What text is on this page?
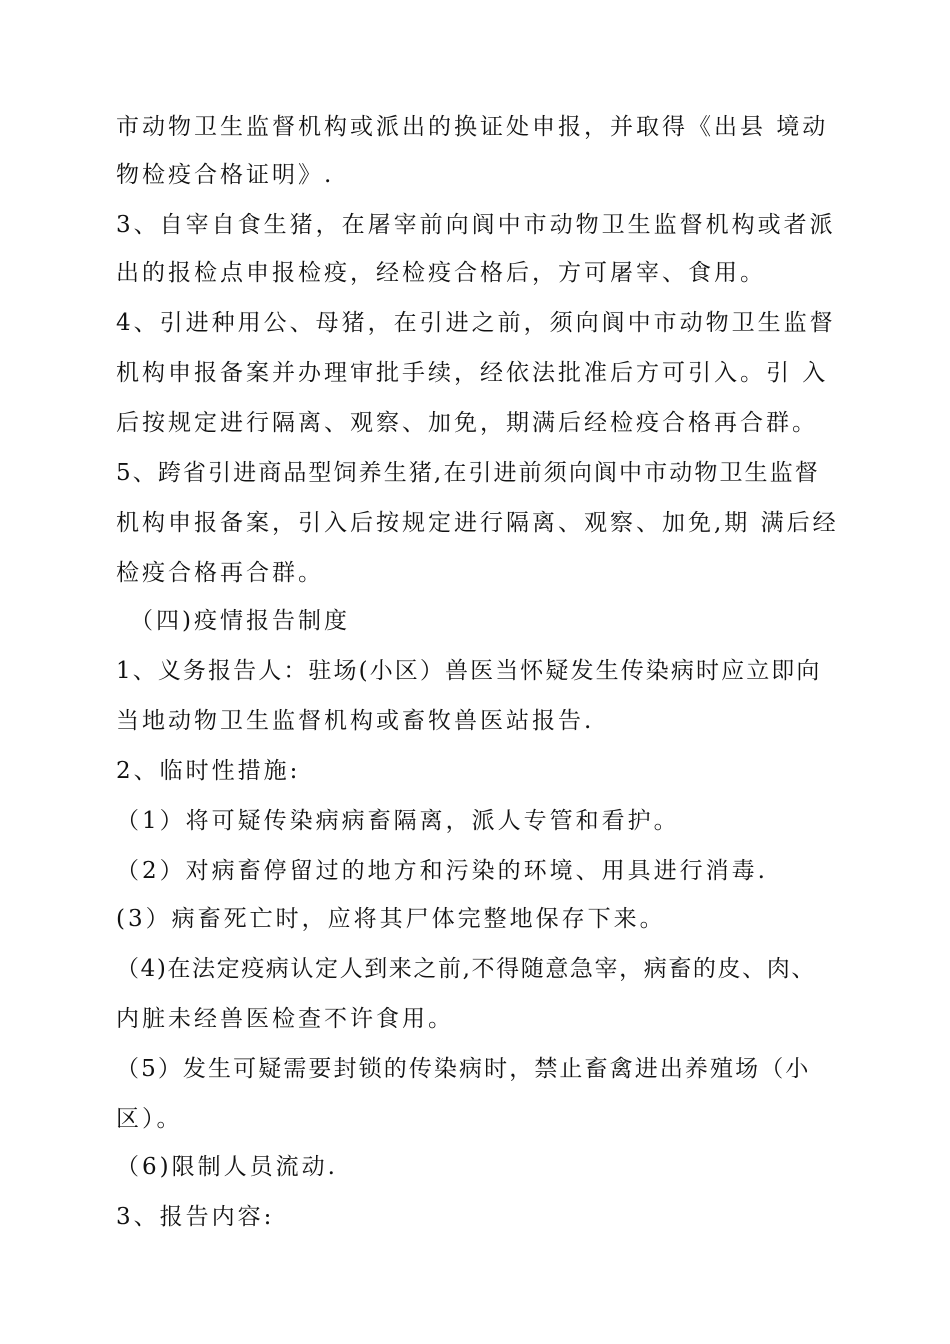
市动物卫生监督机构或派出的换证处申报，并取得《出县 境动
物检疫合格证明》.
3、自宰自食生猪，在屠宰前向阆中市动物卫生监督机构或者派
出的报检点申报检疫，经检疫合格后，方可屠宰、食用。
4、引进种用公、母猪，在引进之前，须向阆中市动物卫生监督
机构申报备案并办理审批手续，经依法批准后方可引入。引 入
后按规定进行隔离、观察、加免，期满后经检疫合格再合群。
5、跨省引进商品型饲养生猪,在引进前须向阆中市动物卫生监督
机构申报备案，引入后按规定进行隔离、观察、加免,期 满后经
检疫合格再合群。
（四)疫情报告制度
1、义务报告人：驻场(小区）兽医当怀疑发生传染病时应立即向
当地动物卫生监督机构或畜牧兽医站报告.
2、临时性措施:
（1）将可疑传染病病畜隔离，派人专管和看护。
（2）对病畜停留过的地方和污染的环境、用具进行消毒.
(3）病畜死亡时，应将其尸体完整地保存下来。
（4)在法定疫病认定人到来之前,不得随意急宰，病畜的皮、肉、
内脏未经兽医检查不许食用。
（5）发生可疑需要封锁的传染病时，禁止畜禽进出养殖场（小
区）。
（6)限制人员流动.
3、报告内容:
